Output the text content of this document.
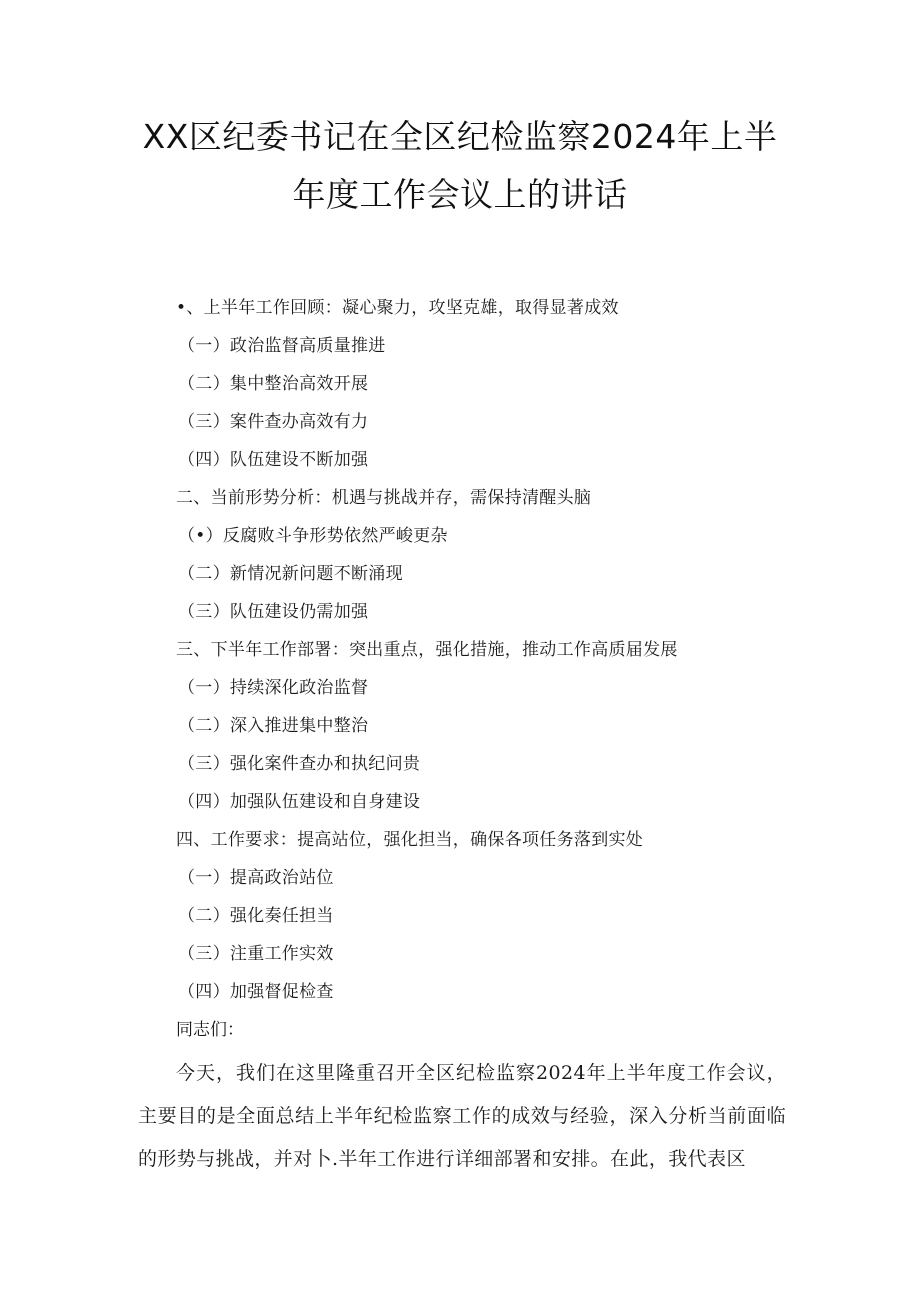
XX区纪委书记在全区纪检监察2024年上半
年度工作会议上的讲话
•、上半年工作回顾：凝心聚力，攻坚克雄，取得显著成效
（一）政治监督高质量推进
（二）集中整治高效开展
（三）案件查办高效有力
（四）队伍建设不断加强
二、当前形势分析：机遇与挑战并存，需保持清醒头脑
（•）反腐败斗争形势依然严峻更杂
（二）新情况新问题不断涌现
（三）队伍建设仍需加强
三、下半年工作部署：突出重点，强化措施，推动工作高质届发展
（一）持续深化政治监督
（二）深入推进集中整治
（三）强化案件查办和执纪问贵
（四）加强队伍建设和自身建设
四、工作要求：提高站位，强化担当，确保各项任务落到实处
（一）提高政治站位
（二）强化奏任担当
（三）注重工作实效
（四）加强督促检查

同志们：

今天，我们在这里隆重召开全区纪检监察2024年上半年度工作会议，主要目的是全面总结上半年纪检监察工作的成效与经验，深入分析当前面临的形势与挑战，并对卜.半年工作进行详细部署和安排。在此，我代表区
